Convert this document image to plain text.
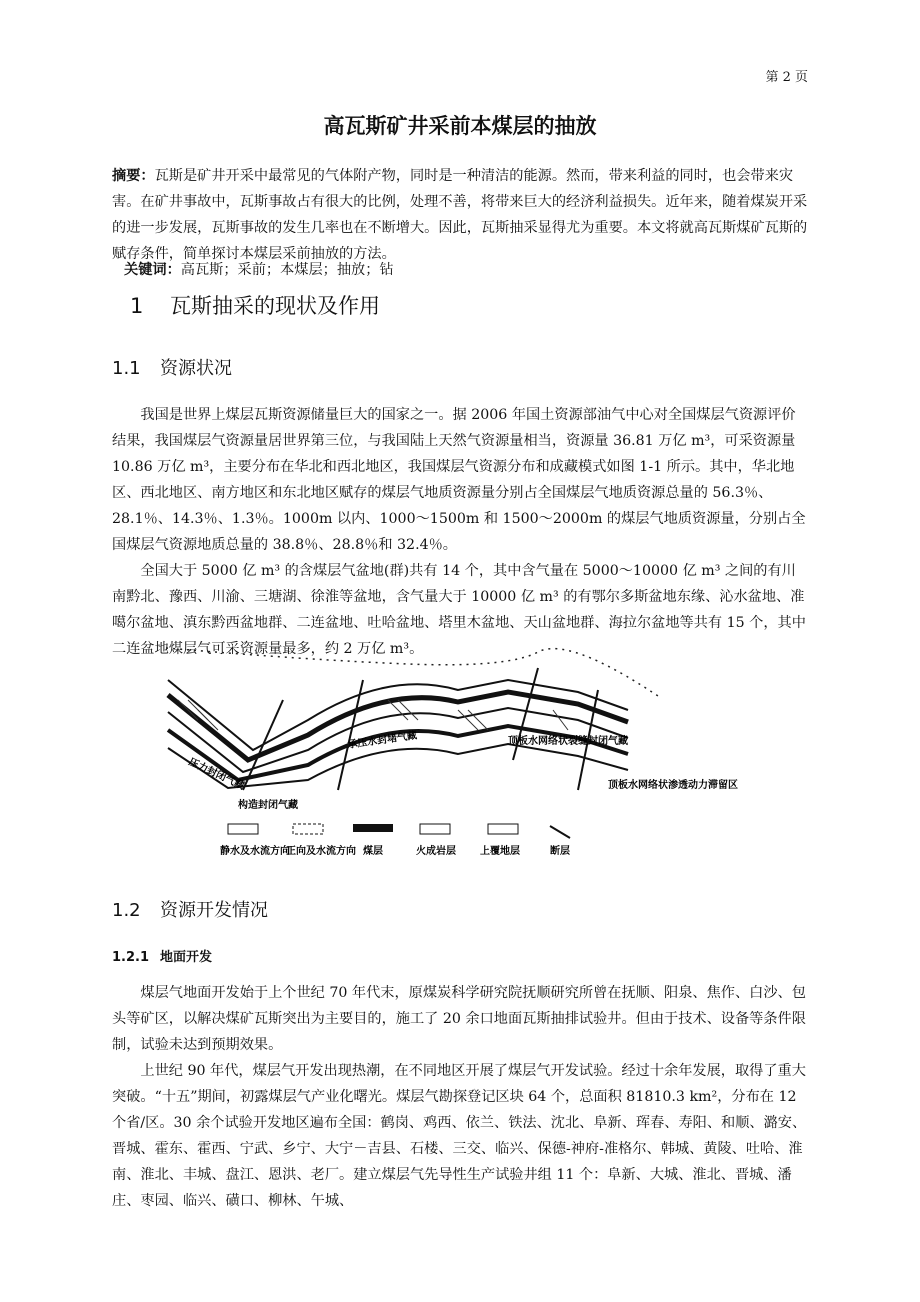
第 2 页
高瓦斯矿井采前本煤层的抽放
摘要：瓦斯是矿井开采中最常见的气体附产物，同时是一种清洁的能源。然而，带来利益的同时，也会带来灾害。在矿井事故中，瓦斯事故占有很大的比例，处理不善，将带来巨大的经济利益损失。近年来，随着煤炭开采的进一步发展，瓦斯事故的发生几率也在不断增大。因此，瓦斯抽采显得尤为重要。本文将就高瓦斯煤矿瓦斯的赋存条件，简单探讨本煤层采前抽放的方法。
关键词：高瓦斯；采前；本煤层；抽放；钻
1 瓦斯抽采的现状及作用
1.1 资源状况

我国是世界上煤层瓦斯资源储量巨大的国家之一。据 2006 年国土资源部油气中心对全国煤层气资源评价结果，我国煤层气资源量居世界第三位，与我国陆上天然气资源量相当，资源量 36.81 万亿 m³，可采资源量 10.86 万亿 m³，主要分布在华北和西北地区，我国煤层气资源分布和成藏模式如图 1-1 所示。其中，华北地区、西北地区、南方地区和东北地区赋存的煤层气地质资源量分别占全国煤层气地质资源总量的 56.3％、28.1％、14.3％、1.3％。1000m 以内、1000～1500m 和 1500～2000m 的煤层气地质资源量，分别占全国煤层气资源地质总量的 38.8％、28.8％和 32.4％。

全国大于 5000 亿 m³ 的含煤层气盆地(群)共有 14 个，其中含气量在 5000～10000 亿 m³ 之间的有川南黔北、豫西、川渝、三塘湖、徐淮等盆地，含气量大于 10000 亿 m³ 的有鄂尔多斯盆地东缘、沁水盆地、准噶尔盆地、滇东黔西盆地群、二连盆地、吐哈盆地、塔里木盆地、天山盆地群、海拉尔盆地等共有 15 个，其中二连盆地煤层气可采资源量最多，约 2 万亿 m³。

压力封闭气藏
构造封闭气藏
承压水封堵气藏	顶板水网络状裂缝封闭气藏
顶板水网络状渗透动力滞留区
静水及水流方向
正向及水流方向 煤层	火成岩层 上覆地层	断层
1.2 资源开发情况
1.2.1 地面开发

煤层气地面开发始于上个世纪 70 年代末，原煤炭科学研究院抚顺研究所曾在抚顺、阳泉、焦作、白沙、包头等矿区，以解决煤矿瓦斯突出为主要目的，施工了 20 余口地面瓦斯抽排试验井。但由于技术、设备等条件限制，试验未达到预期效果。

上世纪 90 年代，煤层气开发出现热潮，在不同地区开展了煤层气开发试验。经过十余年发展，取得了重大突破。“十五”期间，初露煤层气产业化曙光。煤层气勘探登记区块 64 个，总面积 81810.3 km²，分布在 12 个省/区。30 余个试验开发地区遍布全国：鹤岗、鸡西、依兰、铁法、沈北、阜新、珲春、寿阳、和顺、潞安、晋城、霍东、霍西、宁武、乡宁、大宁－吉县、石楼、三交、临兴、保德-神府-准格尔、韩城、黄陵、吐哈、淮南、淮北、丰城、盘江、恩洪、老厂。建立煤层气先导性生产试验井组 11 个：阜新、大城、淮北、晋城、潘庄、枣园、临兴、磺口、柳林、午城、
